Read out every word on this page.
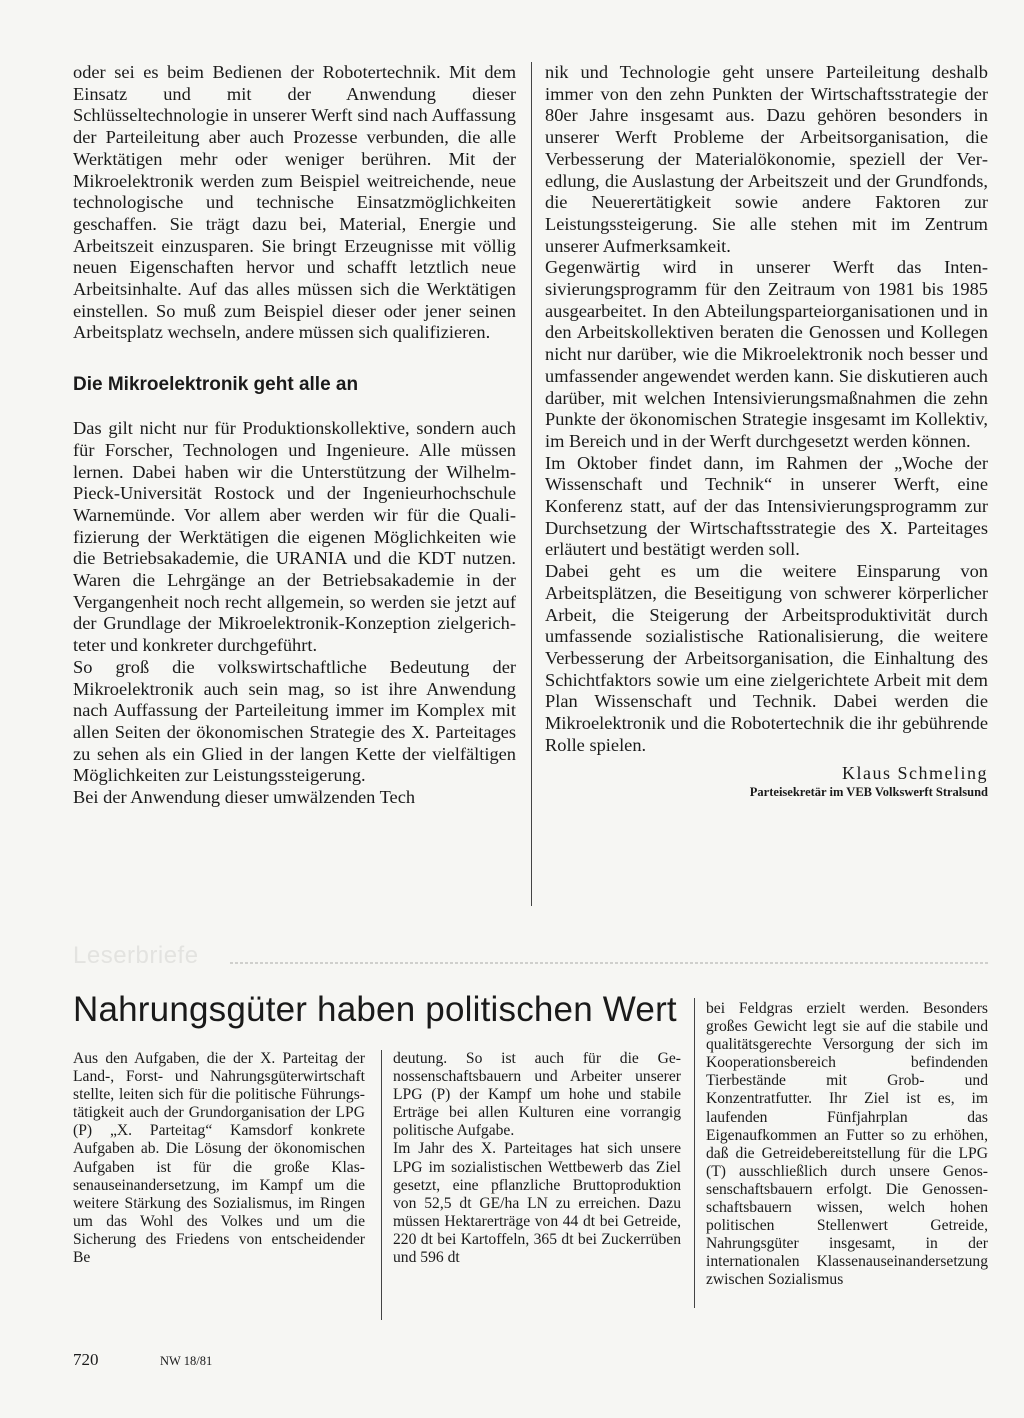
oder sei es beim Bedienen der Robotertechnik. Mit dem Einsatz und mit der Anwendung dieser Schlüsseltechnologie in unserer Werft sind nach Auffassung der Parteileitung aber auch Prozesse verbunden, die alle Werktätigen mehr oder weniger berühren. Mit der Mikroelektronik werden zum Beispiel weitreichende, neue technologische und technische Einsatzmöglichkeiten geschaffen. Sie trägt dazu bei, Material, Energie und Arbeitszeit einzusparen. Sie bringt Erzeugnisse mit völlig neuen Eigenschaften hervor und schafft letztlich neue Arbeitsinhalte. Auf das alles müssen sich die Werktätigen einstellen. So muß zum Beispiel dieser oder jener seinen Arbeitsplatz wechseln, andere müssen sich qualifizieren.

Die Mikroelektronik geht alle an

Das gilt nicht nur für Produktionskollektive, sondern auch für Forscher, Technologen und Ingenieure. Alle müssen lernen. Dabei haben wir die Unterstützung der Wilhelm-Pieck-Universität Rostock und der Ingenieurhochschule Warnemünde. Vor allem aber werden wir für die Qualifizierung der Werktätigen die eigenen Möglichkeiten wie die Betriebsakademie, die URANIA und die KDT nutzen. Waren die Lehrgänge an der Betriebsakademie in der Vergangenheit noch recht allgemein, so werden sie jetzt auf der Grundlage der Mikroelektronik-Konzeption zielgerichteter und konkreter durchgeführt.

So groß die volkswirtschaftliche Bedeutung der Mikroelektronik auch sein mag, so ist ihre Anwendung nach Auffassung der Parteileitung immer im Komplex mit allen Seiten der ökonomischen Strategie des X. Parteitages zu sehen als ein Glied in der langen Kette der vielfältigen Möglichkeiten zur Leistungssteigerung.

Bei der Anwendung dieser umwälzenden Tech

nik und Technologie geht unsere Parteileitung deshalb immer von den zehn Punkten der Wirtschaftsstrategie der 80er Jahre insgesamt aus. Dazu gehören besonders in unserer Werft Probleme der Arbeitsorganisation, die Verbesserung der Materialökonomie, speziell der Veredlung, die Auslastung der Arbeitszeit und der Grundfonds, die Neuerertätigkeit sowie andere Faktoren zur Leistungssteigerung. Sie alle stehen mit im Zentrum unserer Aufmerksamkeit.

Gegenwärtig wird in unserer Werft das Intensivierungsprogramm für den Zeitraum von 1981 bis 1985 ausgearbeitet. In den Abteilungsparteiorganisationen und in den Arbeitskollektiven beraten die Genossen und Kollegen nicht nur darüber, wie die Mikroelektronik noch besser und umfassender angewendet werden kann. Sie diskutieren auch darüber, mit welchen Intensivierungsmaßnahmen die zehn Punkte der ökonomischen Strategie insgesamt im Kollektiv, im Bereich und in der Werft durchgesetzt werden können.

Im Oktober findet dann, im Rahmen der „Woche der Wissenschaft und Technik“ in unserer Werft, eine Konferenz statt, auf der das Intensivierungsprogramm zur Durchsetzung der Wirtschaftsstrategie des X. Parteitages erläutert und bestätigt werden soll.

Dabei geht es um die weitere Einsparung von Arbeitsplätzen, die Beseitigung von schwerer körperlicher Arbeit, die Steigerung der Arbeitsproduktivität durch umfassende sozialistische Rationalisierung, die weitere Verbesserung der Arbeitsorganisation, die Einhaltung des Schichtfaktors sowie um eine zielgerichtete Arbeit mit dem Plan Wissenschaft und Technik. Dabei werden die Mikroelektronik und die Robotertechnik die ihr gebührende Rolle spielen.

Klaus Schmeling

Parteisekretär im VEB Volkswerft Stralsund

Leserbriefe
Nahrungsgüter haben politischen Wert

Aus den Aufgaben, die der X. Parteitag der Land-, Forst- und Nahrungsgüterwirtschaft stellte, leiten sich für die politische Führungstätigkeit auch der Grundorganisation der LPG (P) „X. Parteitag“ Kamsdorf konkrete Aufgaben ab. Die Lösung der ökonomischen Aufgaben ist für die große Klassenauseinandersetzung, im Kampf um die weitere Stärkung des Sozialismus, im Ringen um das Wohl des Volkes und um die Sicherung des Friedens von entscheidender Be

deutung. So ist auch für die Genossenschaftsbauern und Arbeiter unserer LPG (P) der Kampf um hohe und stabile Erträge bei allen Kulturen eine vorrangig politische Aufgabe.

Im Jahr des X. Parteitages hat sich unsere LPG im sozialistischen Wettbewerb das Ziel gesetzt, eine pflanzliche Bruttoproduktion von 52,5 dt GE/ha LN zu erreichen. Dazu müssen Hektarerträge von 44 dt bei Getreide, 220 dt bei Kartoffeln, 365 dt bei Zuckerrüben und 596 dt

bei Feldgras erzielt werden. Besonders großes Gewicht legt sie auf die stabile und qualitätsgerechte Versorgung der sich im Kooperationsbereich befindenden Tierbestände mit Grob- und Konzentratfutter. Ihr Ziel ist es, im laufenden Fünfjahrplan das Eigenaufkommen an Futter so zu erhöhen, daß die Getreidebereitstellung für die LPG (T) ausschließlich durch unsere Genossenschaftsbauern erfolgt. Die Genossenschaftsbauern wissen, welch hohen politischen Stellenwert Getreide, Nahrungsgüter insgesamt, in der internationalen Klassenauseinandersetzung zwischen Sozialismus

720	NW 18/81
